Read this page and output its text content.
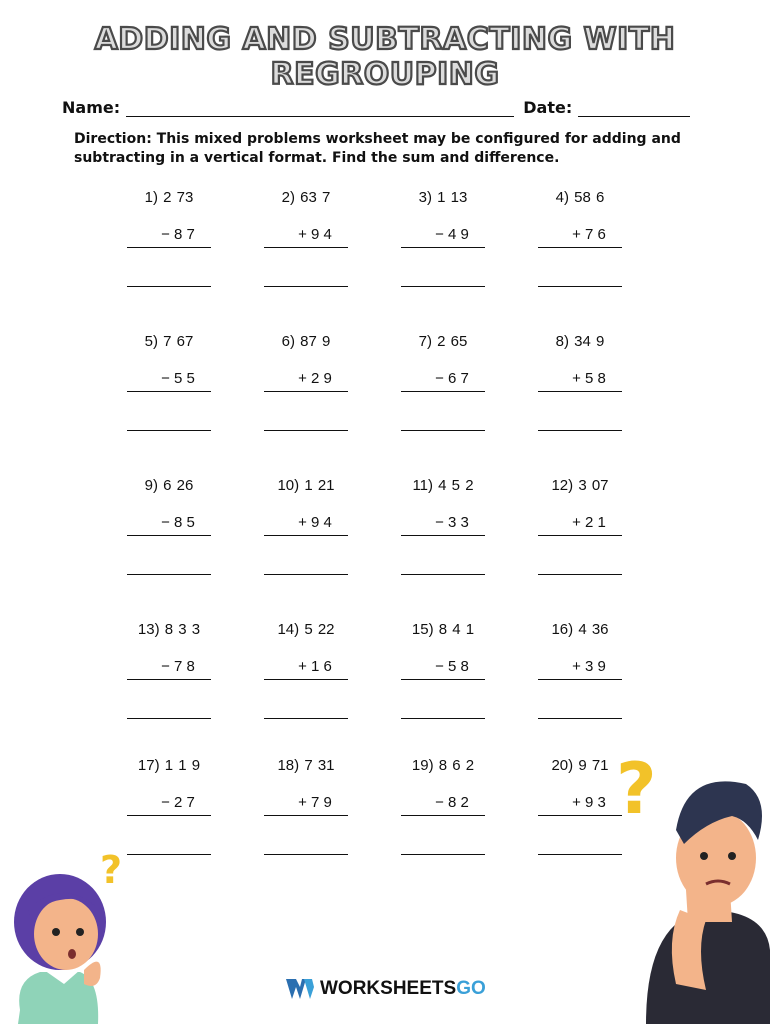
ADDING AND SUBTRACTING WITH REGROUPING
Name:	Date:
Direction: This mixed problems worksheet may be configured for adding and subtracting in a vertical format. Find the sum and difference.
1) 2 73
− 8 7
2) 63 7
+ 9 4
3) 1 13
− 4 9
4) 58 6
+ 7 6
5) 7 67
− 5 5
6) 87 9
+ 2 9
7) 2 65
− 6 7
8) 34 9
+ 5 8
9) 6 26
− 8 5
10) 1 21
+ 9 4
11) 4 5 2
− 3 3
12) 3 07
+ 2 1
13) 8 3 3
− 7 8
14) 5 22
+ 1 6
15) 8 4 1
− 5 8
16) 4 36
+ 3 9
17) 1 1 9
− 2 7
18) 7 31
+ 7 9
19) 8 6 2
− 8 2
20) 9 71
+ 9 3
?
?
WORKSHEETSGO
